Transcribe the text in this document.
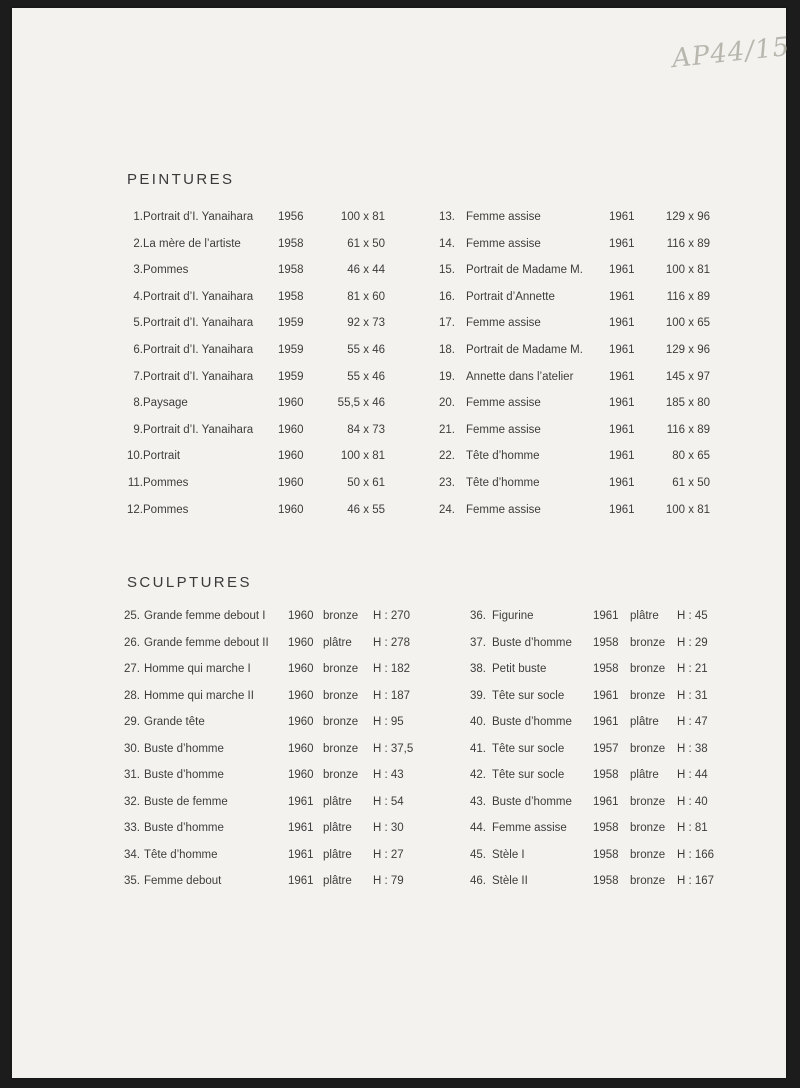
AP44/15
PEINTURES
1. Portrait d’I. Yanaihara 1956	100 x 81
2. La mère de l’artiste	1958	61 x 50
3. Pommes	1958	46 x 44
4. Portrait d’I. Yanaihara 1958	81 x 60
5. Portrait d’I. Yanaihara 1959	92 x 73
6. Portrait d’I. Yanaihara 1959	55 x 46
7. Portrait d’I. Yanaihara 1959	55 x 46
8. Paysage	1960	55,5 x 46
9. Portrait d’I. Yanaihara 1960	84 x 73
10. Portrait	1960	100 x 81
11. Pommes	1960	50 x 61
12. Pommes	1960	46 x 55
13. Femme assise	1961	129 x 96
14. Femme assise	1961	116 x 89
15. Portrait de Madame M. 1961	100 x 81
16. Portrait d’Annette	1961	116 x 89
17. Femme assise	1961	100 x 65
18. Portrait de Madame M. 1961	129 x 96
19. Annette dans l’atelier	1961	145 x 97
20. Femme assise	1961	185 x 80
21. Femme assise	1961	116 x 89
22. Tête d’homme	1961	80 x 65
23. Tête d’homme	1961	61 x 50
24. Femme assise	1961	100 x 81
SCULPTURES
25. Grande femme debout I 1960 bronze H : 270
26. Grande femme debout II 1960 plâtre H : 278
27. Homme qui marche I	1960 bronze H : 182
28. Homme qui marche II	1960 bronze H : 187
29. Grande tête	1960 bronze H : 95
30. Buste d’homme	1960 bronze H : 37,5
31. Buste d’homme	1960 bronze H : 43
32. Buste de femme	1961 plâtre H : 54
33. Buste d’homme	1961 plâtre H : 30
34. Tête d’homme	1961 plâtre H : 27
35. Femme debout	1961 plâtre H : 79
36. Figurine	1961 plâtre H : 45
37. Buste d’homme 1958 bronze H : 29
38. Petit buste	1958 bronze H : 21
39. Tête sur socle	1961 bronze H : 31
40. Buste d’homme 1961 plâtre H : 47
41. Tête sur socle	1957 bronze H : 38
42. Tête sur socle	1958 plâtre H : 44
43. Buste d’homme 1961 bronze H : 40
44. Femme assise 1958 bronze H : 81
45. Stèle I	1958 bronze H : 166
46. Stèle II	1958 bronze H : 167
